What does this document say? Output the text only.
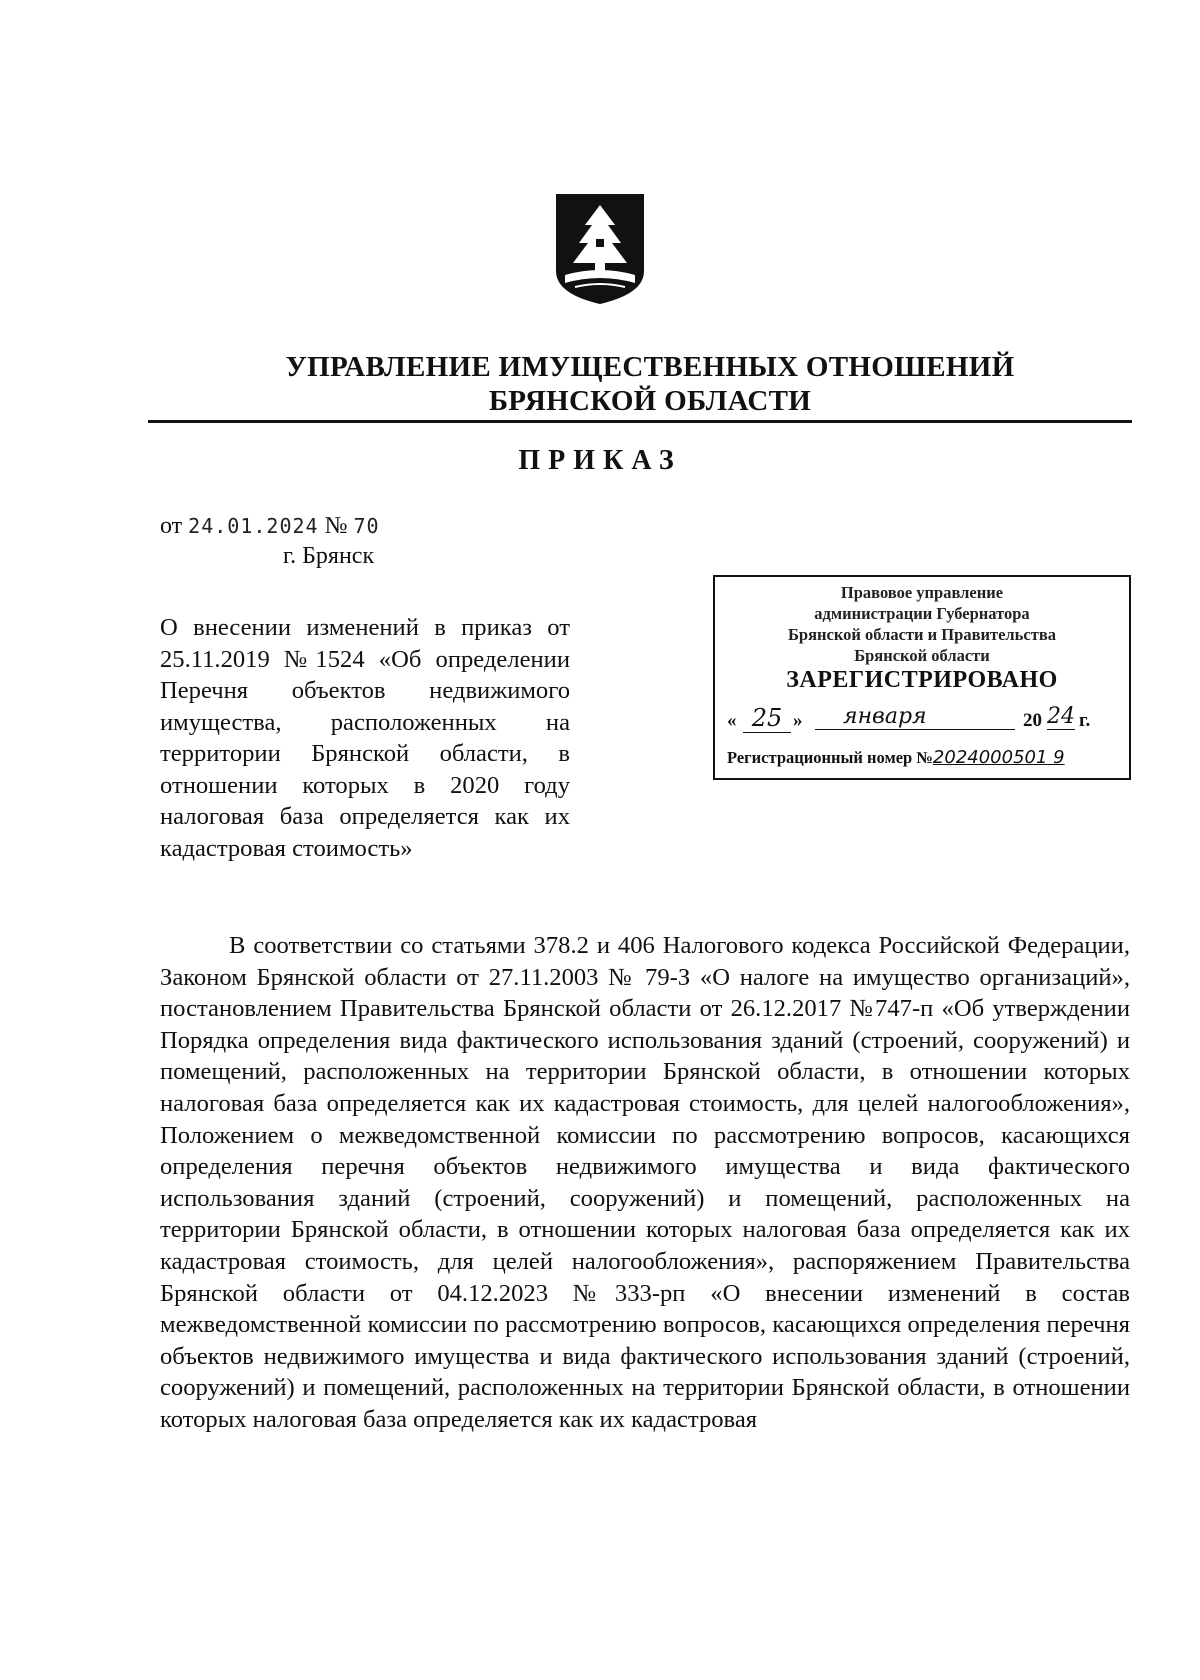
УПРАВЛЕНИЕ ИМУЩЕСТВЕННЫХ ОТНОШЕНИЙ
БРЯНСКОЙ ОБЛАСТИ
ПРИКАЗ
от 24.01.2024 № 70
г. Брянск
О внесении изменений в приказ от 25.11.2019 №1524 «Об определении Перечня объектов недвижимого имущества, расположенных на территории Брянской области, в отношении которых в 2020 году налоговая база определяется как их кадастровая стоимость»
Правовое управление
администрации Губернатора
Брянской области и Правительства
Брянской области
ЗАРЕГИСТРИРОВАНО
« 25 »	января	20 24 г.
Регистрационный номер №2024000501 9
В соответствии со статьями 378.2 и 406 Налогового кодекса Российской Федерации, Законом Брянской области от 27.11.2003 № 79-З «О налоге на имущество организаций», постановлением Правительства Брянской области от 26.12.2017 №747-п «Об утверждении Порядка определения вида фактического использования зданий (строений, сооружений) и помещений, расположенных на территории Брянской области, в отношении которых налоговая база определяется как их кадастровая стоимость, для целей налогообложения», Положением о межведомственной комиссии по рассмотрению вопросов, касающихся определения перечня объектов недвижимого имущества и вида фактического использования зданий (строений, сооружений) и помещений, расположенных на территории Брянской области, в отношении которых налоговая база определяется как их кадастровая стоимость, для целей налогообложения», распоряжением Правительства Брянской области от 04.12.2023 №333-рп «О внесении изменений в состав межведомственной комиссии по рассмотрению вопросов, касающихся определения перечня объектов недвижимого имущества и вида фактического использования зданий (строений, сооружений) и помещений, расположенных на территории Брянской области, в отношении которых налоговая база определяется как их кадастровая
